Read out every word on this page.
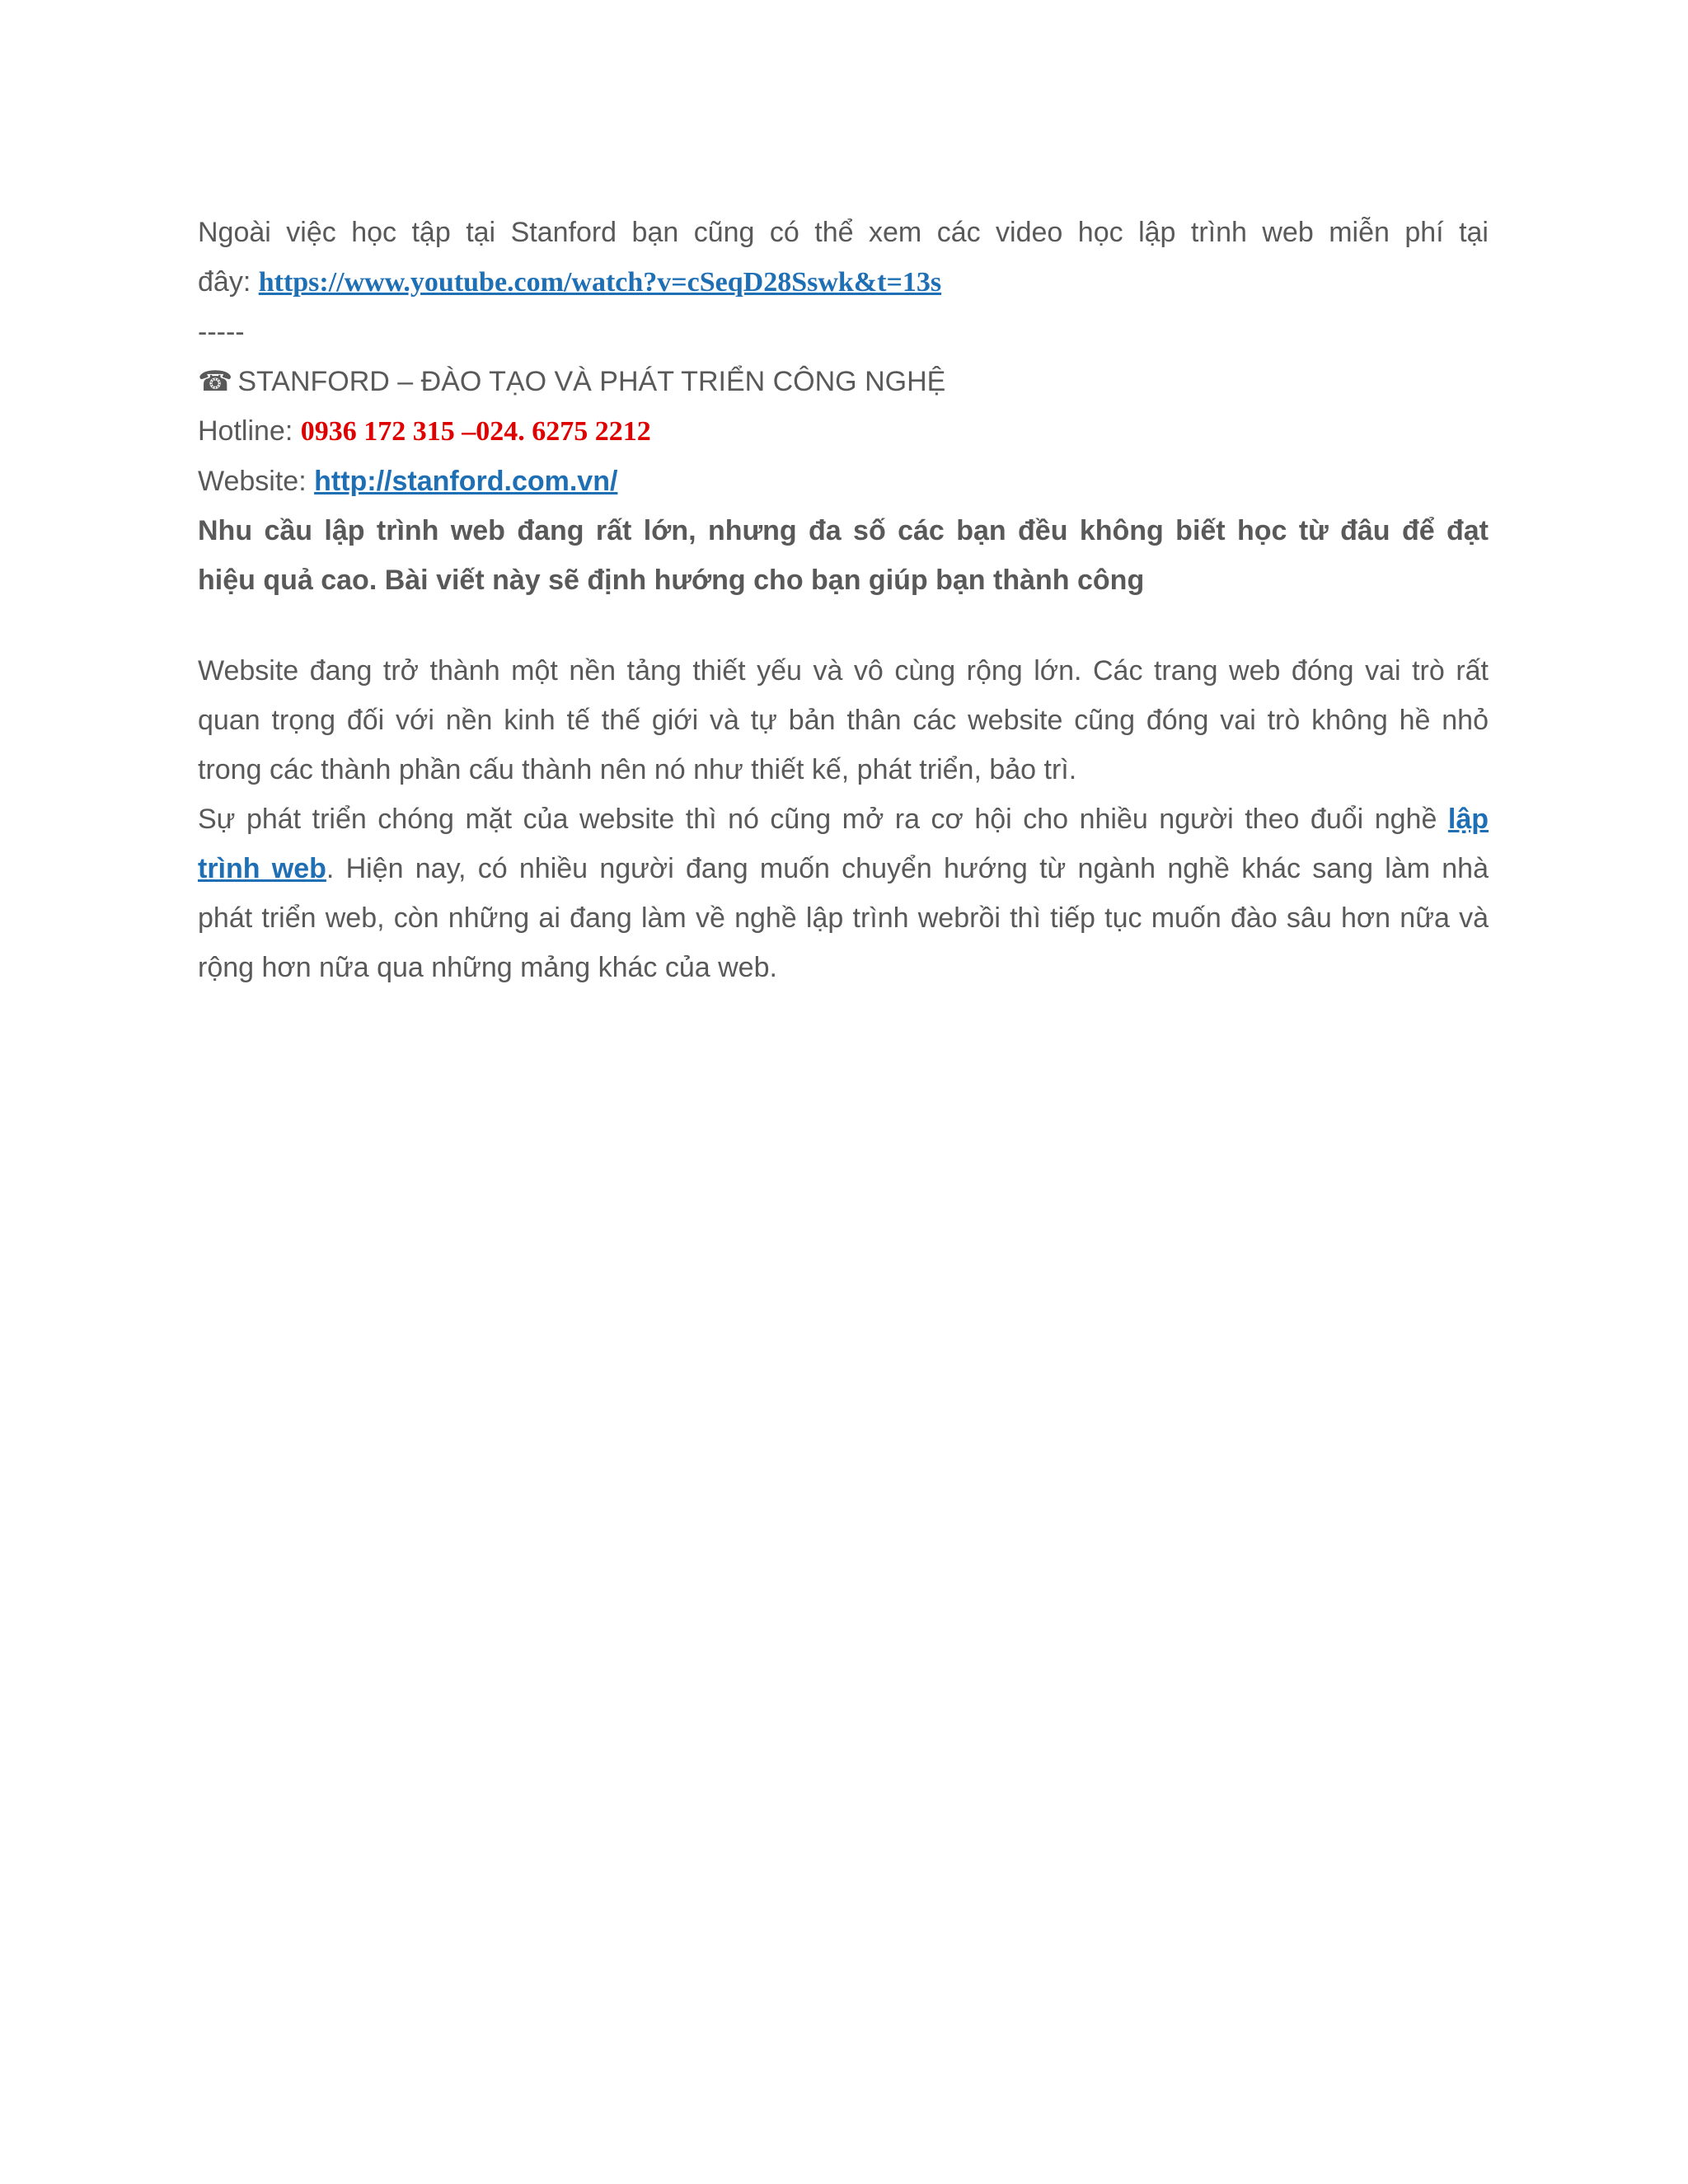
Ngoài việc học tập tại Stanford bạn cũng có thể xem các video học lập trình web miễn phí tại
đây: https://www.youtube.com/watch?v=cSeqD28Sswk&t=13s
-----
☎ STANFORD – ĐÀO TẠO VÀ PHÁT TRIỂN CÔNG NGHỆ
Hotline: 0936 172 315 –024. 6275 2212
Website: http://stanford.com.vn/
Nhu cầu lập trình web đang rất lớn, nhưng đa số các bạn đều không biết học từ đâu để đạt
hiệu quả cao. Bài viết này sẽ định hướng cho bạn giúp bạn thành công
Website đang trở thành một nền tảng thiết yếu và vô cùng rộng lớn. Các trang web đóng vai trò rất
quan trọng đối với nền kinh tế thế giới và tự bản thân các website cũng đóng vai trò không hề nhỏ
trong các thành phần cấu thành nên nó như thiết kế, phát triển, bảo trì.
Sự phát triển chóng mặt của website thì nó cũng mở ra cơ hội cho nhiều người theo đuổi nghề lập
trình web. Hiện nay, có nhiều người đang muốn chuyển hướng từ ngành nghề khác sang làm nhà
phát triển web, còn những ai đang làm về nghề lập trình webrồi thì tiếp tục muốn đào sâu hơn nữa và
rộng hơn nữa qua những mảng khác của web.
